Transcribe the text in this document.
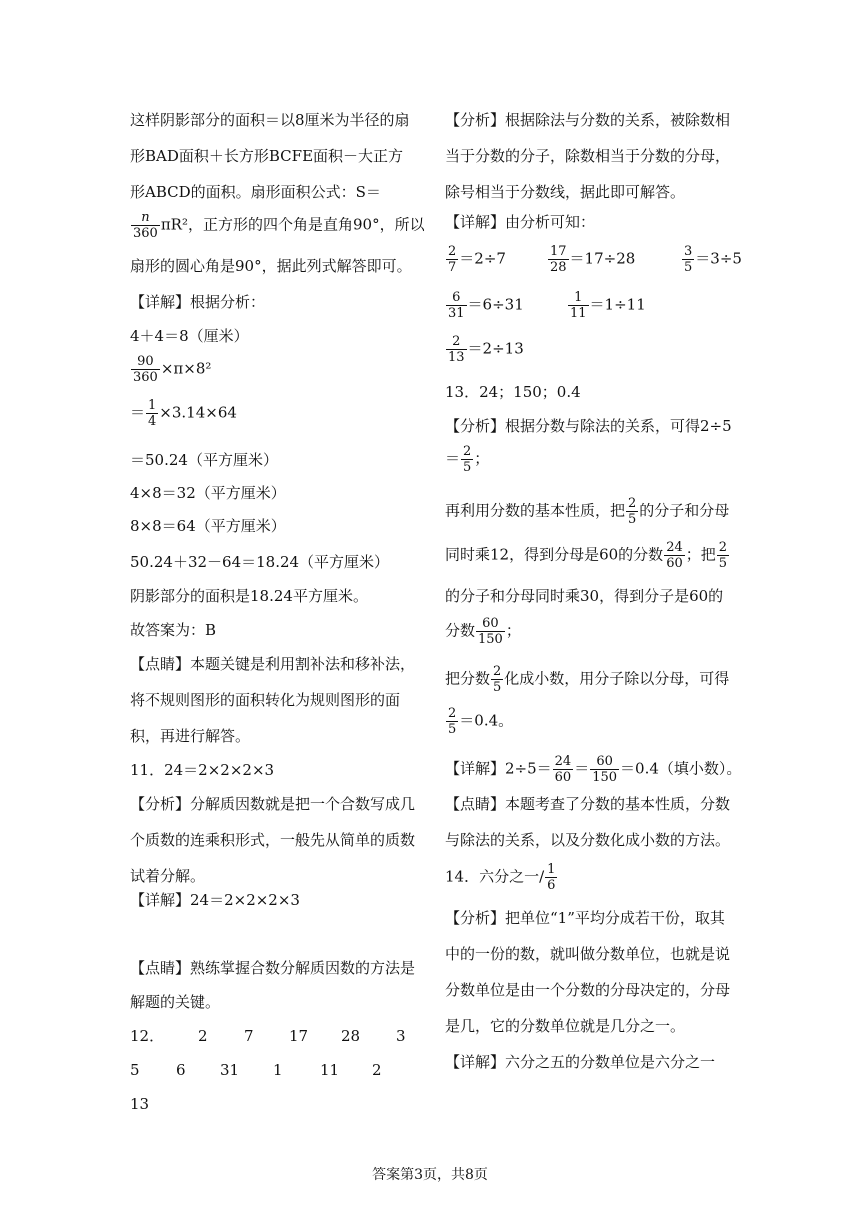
这样阴影部分的面积＝以8厘米为半径的扇
形BAD面积＋长方形BCFE面积－大正方
形ABCD的面积。扇形面积公式：S＝
$\frac{n}{360} \pi R^2$，正方形的四个角是直角90°，所以
扇形的圆心角是90°，据此列式解答即可。
【详解】根据分析：
4＋4＝8（厘米）
$\frac{90}{360} \times\pi\times 8^2$
＝ $\frac{1}{4} \times 3.14\times 64$
＝50.24（平方厘米）
4×8＝32（平方厘米）
8×8＝64（平方厘米）
50.24＋32－64＝18.24（平方厘米）
阴影部分的面积是18.24平方厘米。
故答案为：B
【点睛】本题关键是利用割补法和移补法，
将不规则图形的面积转化为规则图形的面
积，再进行解答。
11．24＝2×2×2×3
【分析】分解质因数就是把一个合数写成几
个质数的连乘积形式，一般先从简单的质数
试着分解。
【详解】24＝2×2×2×3
【点睛】熟练掌握合数分解质因数的方法是
解题的关键。
12． 2 7 17 28 3
5 6 31 1 11 2
13
【分析】根据除法与分数的关系，被除数相
当于分数的分子，除数相当于分数的分母，
除号相当于分数线，据此即可解答。
【详解】由分析可知：
$\frac{2}{7} =2\div 7$	$\frac{17}{28} =17\div 28$	$\frac{3}{5} =3\div 5$
$\frac{6}{31} =6\div 31$	$\frac{1}{11} =1\div 11$
$\frac{2}{13} =2\div 13$
13．24；150；0.4
【分析】根据分数与除法的关系，可得2÷5
＝ $\frac{2}{5}$ ；
再利用分数的基本性质，把 $\frac{2}{5}$ 的分子和分母
同时乘12，得到分母是60的分数 $\frac{24}{60}$ ；把 $\frac{2}{5}$
的分子和分母同时乘30，得到分子是60的
分数 $\frac{60}{150}$ ；
把分数 $\frac{2}{5}$ 化成小数，用分子除以分母，可得
$\frac{2}{5} =0.4$。
【详解】$2\div 5= \frac{24}{60} = \frac{60}{150} =0.4$（填小数）。
【点睛】本题考查了分数的基本性质，分数
与除法的关系，以及分数化成小数的方法。
14．六分之一/ $\frac{1}{6}$
【分析】把单位“1”平均分成若干份，取其
中的一份的数，就叫做分数单位，也就是说
分数单位是由一个分数的分母决定的，分母
是几，它的分数单位就是几分之一。
【详解】六分之五的分数单位是六分之一
答案第3页，共8页
